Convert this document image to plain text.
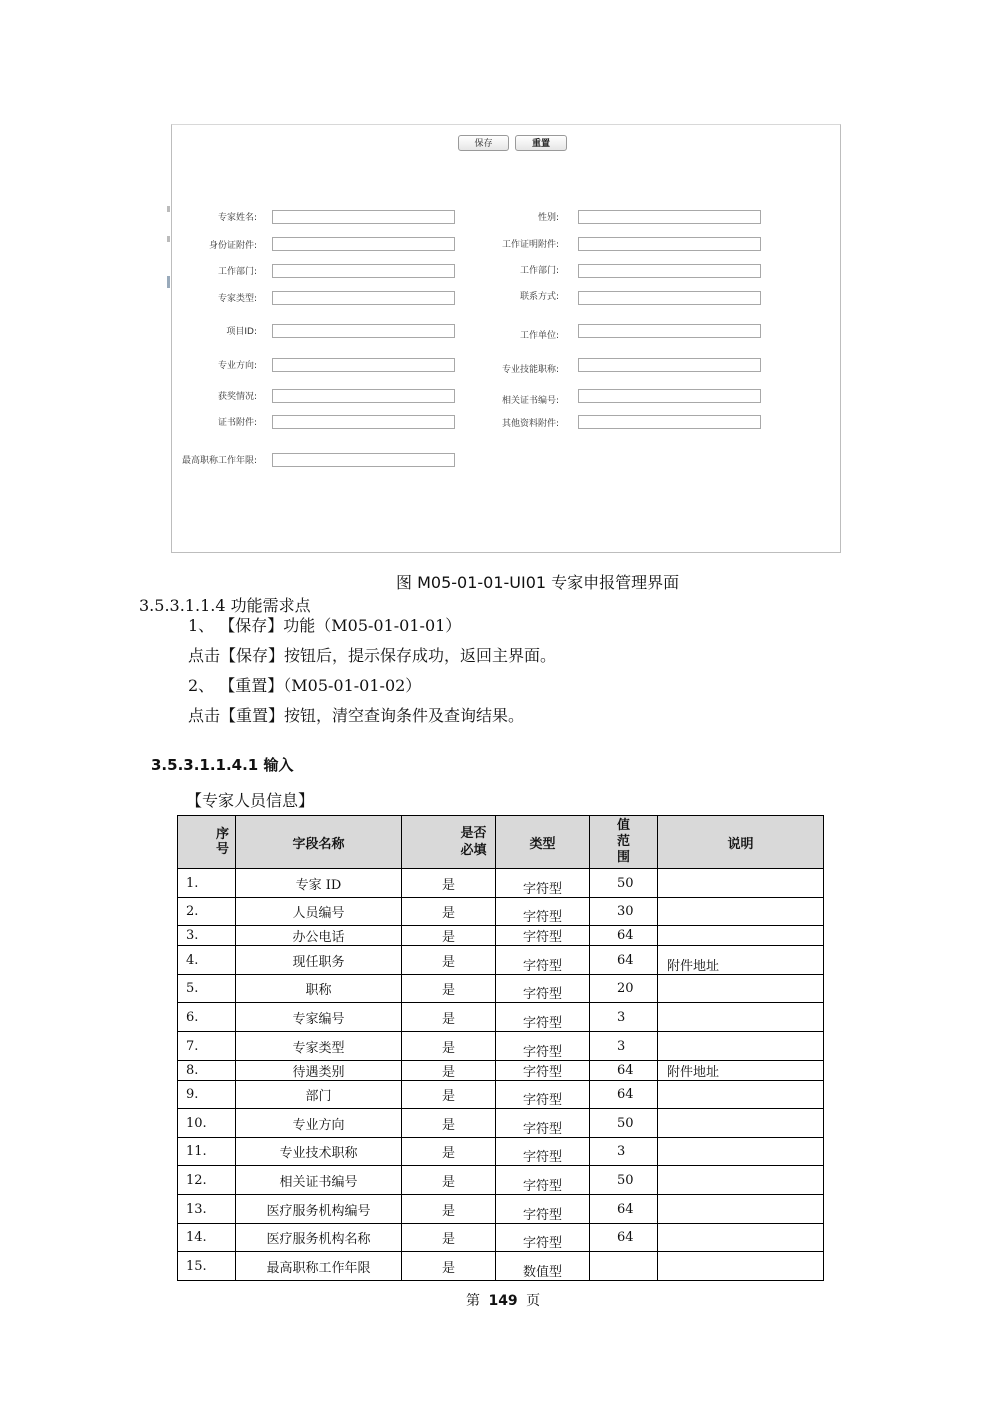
保存	重置
专家姓名:
身份证附件:
工作部门:
专家类型:
项目ID:
专业方向:
获奖情况:
证书附件:
最高职称工作年限:
性别:
工作证明附件:
工作部门:
联系方式:
工作单位:
专业技能职称:
相关证书编号:
其他资料附件:
图 M05-01-01-UI01 专家申报管理界面
3.5.3.1.1.4 功能需求点
1、 【保存】功能（M05-01-01-01）
点击【保存】按钮后，提示保存成功，返回主界面。
2、 【重置】（M05-01-01-02）
点击【重置】按钮，清空查询条件及查询结果。
3.5.3.1.1.4.1 输入
【专家人员信息】
序号	字段名称	是否必填	类型	值范围	说明
1.	专家 ID	是	字符型	50	
2.	人员编号	是	字符型	30	
3.	办公电话	是	字符型	64	
4.	现任职务	是	字符型	64	附件地址
5.	职称	是	字符型	20	
6.	专家编号	是	字符型	3	
7.	专家类型	是	字符型	3	
8.	待遇类别	是	字符型	64	附件地址
9.	部门	是	字符型	64	
10.	专业方向	是	字符型	50	
11.	专业技术职称	是	字符型	3	
12.	相关证书编号	是	字符型	50	
13.	医疗服务机构编号	是	字符型	64	
14.	医疗服务机构名称	是	字符型	64	
15.	最高职称工作年限	是	数值型		
第 149 页
